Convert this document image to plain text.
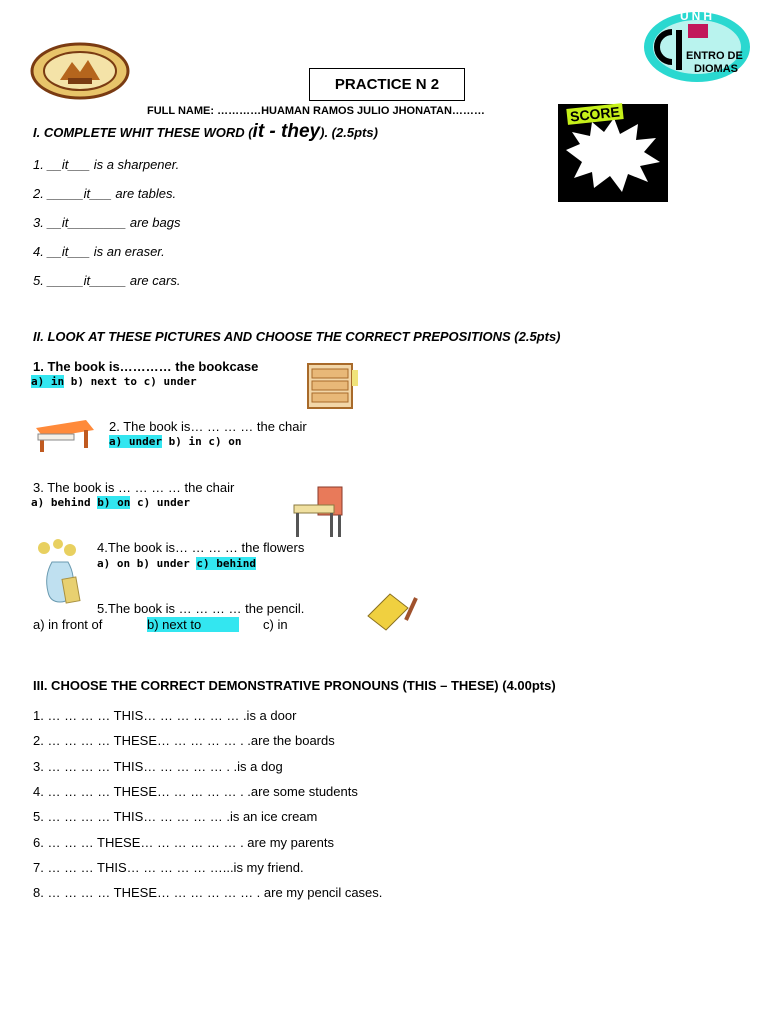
PRACTICE N 2
UNH
ENTRO DE
DIOMAS
FULL NAME: …………HUAMAN RAMOS JULIO JHONATAN………	SCORE
I. COMPLETE WHIT THESE WORD (it - they). (2.5pts)
1. __it___ is a sharpener.
2. _____it___ are tables.
3. __it________ are bags
4. __it___ is an eraser.
5. _____it_____ are cars.
II. LOOK AT THESE PICTURES AND CHOOSE THE CORRECT PREPOSITIONS (2.5pts)
1. The book is………… the bookcase
a) in b) next to c) under
2. The book is… … … … the chair
a) under b) in c) on
3. The book is … … … … the chair
a) behind b) on c) under
4.The book is… … … … the flowers
a) on b) under c) behind
5.The book is … … … … the pencil.
a) in front of	b) next to	c) in
III. CHOOSE THE CORRECT DEMONSTRATIVE PRONOUNS (THIS – THESE) (4.00pts)
1. … … … … THIS… … … … … … .is a door
2. … … … … THESE… … … … … . .are the boards
3. … … … … THIS… … … … … . .is a dog
4. … … … … THESE… … … … … . .are some students
5. … … … … THIS… … … … … .is an ice cream
6. … … … THESE… … … … … … . are my parents
7. … … … THIS… … … … … …...is my friend.
8. … … … … THESE… … … … … … . are my pencil cases.
